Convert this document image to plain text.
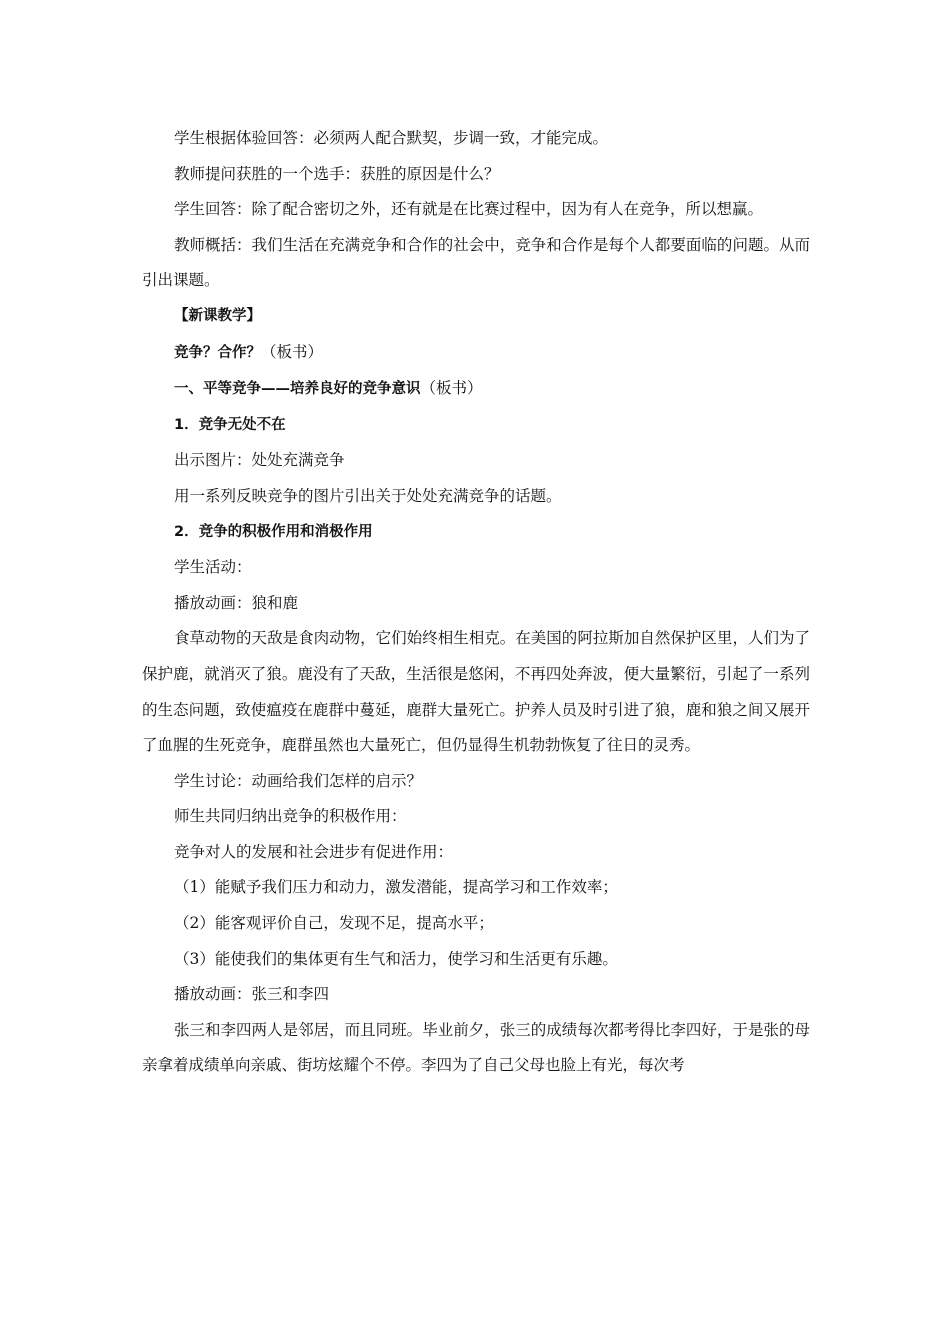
学生根据体验回答：必须两人配合默契，步调一致，才能完成。

教师提问获胜的一个选手：获胜的原因是什么？

学生回答：除了配合密切之外，还有就是在比赛过程中，因为有人在竞争，所以想赢。

教师概括：我们生活在充满竞争和合作的社会中，竞争和合作是每个人都要面临的问题。从而引出课题。

【新课教学】

竞争？合作？（板书）

一、平等竞争——培养良好的竞争意识（板书）

1．竞争无处不在

出示图片：处处充满竞争

用一系列反映竞争的图片引出关于处处充满竞争的话题。

2．竞争的积极作用和消极作用

学生活动：

播放动画：狼和鹿

食草动物的天敌是食肉动物，它们始终相生相克。在美国的阿拉斯加自然保护区里，人们为了保护鹿，就消灭了狼。鹿没有了天敌，生活很是悠闲，不再四处奔波，便大量繁衍，引起了一系列的生态问题，致使瘟疫在鹿群中蔓延，鹿群大量死亡。护养人员及时引进了狼，鹿和狼之间又展开了血腥的生死竞争，鹿群虽然也大量死亡，但仍显得生机勃勃恢复了往日的灵秀。

学生讨论：动画给我们怎样的启示？

师生共同归纳出竞争的积极作用：

竞争对人的发展和社会进步有促进作用：

（1）能赋予我们压力和动力，激发潜能，提高学习和工作效率；

（2）能客观评价自己，发现不足，提高水平；

（3）能使我们的集体更有生气和活力，使学习和生活更有乐趣。

播放动画：张三和李四

张三和李四两人是邻居，而且同班。毕业前夕，张三的成绩每次都考得比李四好，于是张的母亲拿着成绩单向亲戚、街坊炫耀个不停。李四为了自己父母也脸上有光，每次考
